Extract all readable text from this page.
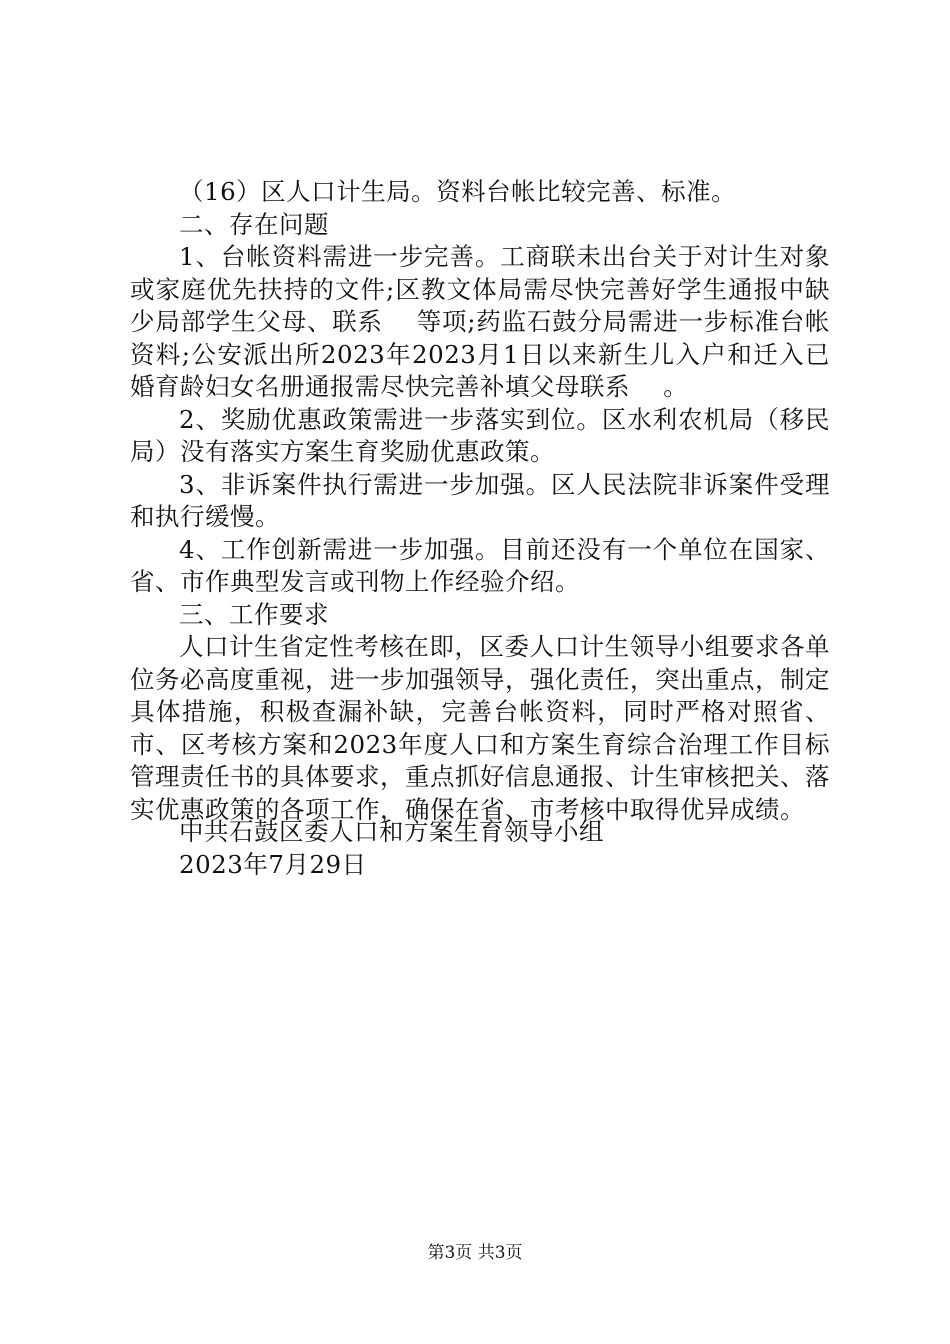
（16）区人口计生局。资料台帐比较完善、标准。

二、存在问题

1、台帐资料需进一步完善。工商联未出台关于对计生对象或家庭优先扶持的文件;区教文体局需尽快完善好学生通报中缺少局部学生父母、联系　 等项;药监石鼓分局需进一步标准台帐资料;公安派出所2023年2023月1日以来新生儿入户和迁入已婚育龄妇女名册通报需尽快完善补填父母联系　 。

2、奖励优惠政策需进一步落实到位。区水利农机局（移民局）没有落实方案生育奖励优惠政策。

3、非诉案件执行需进一步加强。区人民法院非诉案件受理和执行缓慢。

4、工作创新需进一步加强。目前还没有一个单位在国家、省、市作典型发言或刊物上作经验介绍。

三、工作要求

人口计生省定性考核在即，区委人口计生领导小组要求各单位务必高度重视，进一步加强领导，强化责任，突出重点，制定具体措施，积极查漏补缺，完善台帐资料，同时严格对照省、市、区考核方案和2023年度人口和方案生育综合治理工作目标管理责任书的具体要求，重点抓好信息通报、计生审核把关、落实优惠政策的各项工作，确保在省、市考核中取得优异成绩。

中共石鼓区委人口和方案生育领导小组
2023年7月29日
第3页 共3页
